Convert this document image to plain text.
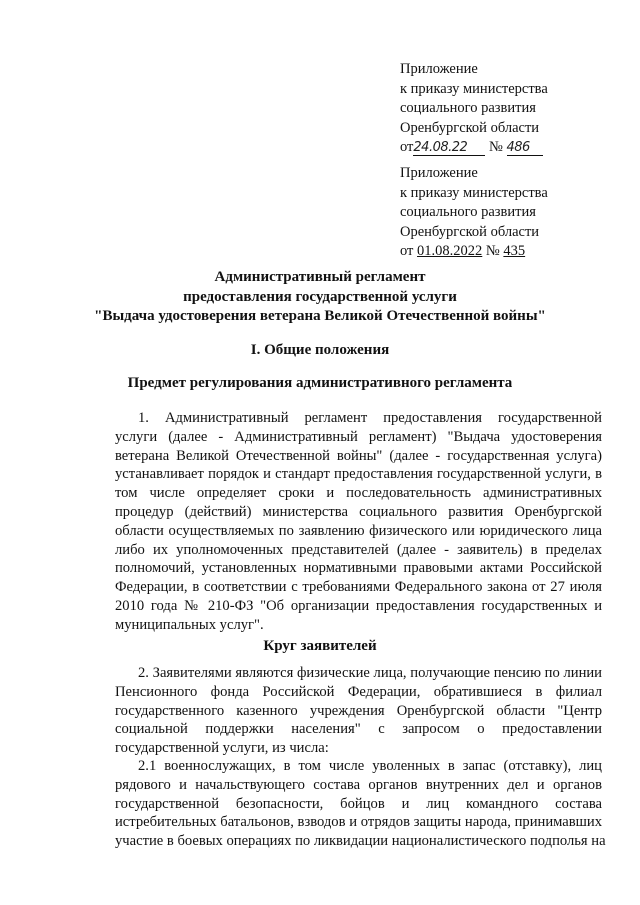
Приложение
к приказу министерства
социального развития
Оренбургской области
от24.08.22 № 486
Приложение
к приказу министерства
социального развития
Оренбургской области
от 01.08.2022 № 435
Административный регламент
предоставления государственной услуги
"Выдача удостоверения ветерана Великой Отечественной войны"
I. Общие положения
Предмет регулирования административного регламента
1. Административный регламент предоставления государственной
услуги (далее - Административный регламент) "Выдача удостоверения
ветерана Великой Отечественной войны" (далее - государственная услуга)
устанавливает порядок и стандарт предоставления государственной услуги, в
том числе определяет сроки и последовательность административных
процедур (действий) министерства социального развития Оренбургской
области осуществляемых по заявлению физического или юридического лица
либо их уполномоченных представителей (далее - заявитель) в пределах
полномочий, установленных нормативными правовыми актами Российской
Федерации, в соответствии с требованиями Федерального закона от 27 июля
2010 года № 210-ФЗ "Об организации предоставления государственных и
муниципальных услуг".
Круг заявителей
2. Заявителями являются физические лица, получающие пенсию по линии
Пенсионного фонда Российской Федерации, обратившиеся в филиал
государственного казенного учреждения Оренбургской области "Центр
социальной поддержки населения" с запросом о предоставлении
государственной услуги, из числа:
2.1 военнослужащих, в том числе уволенных в запас (отставку), лиц
рядового и начальствующего состава органов внутренних дел и органов
государственной безопасности, бойцов и лиц командного состава
истребительных батальонов, взводов и отрядов защиты народа, принимавших
участие в боевых операциях по ликвидации националистического подполья на
